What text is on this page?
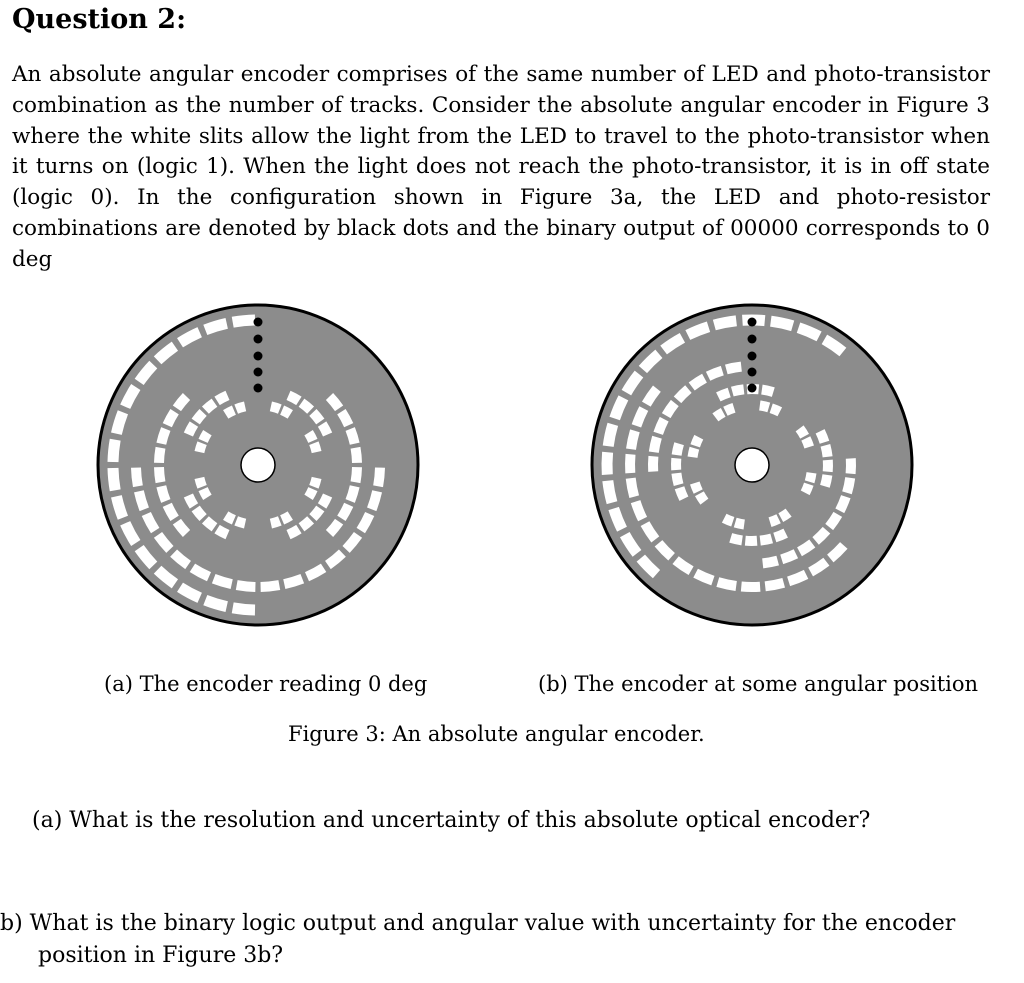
Question 2:

An absolute angular encoder comprises of the same number of LED and photo-transistor combination as the number of tracks. Consider the absolute angular encoder in Figure 3 where the white slits allow the light from the LED to travel to the photo-transistor when it turns on (logic 1). When the light does not reach the photo-transistor, it is in off state (logic 0). In the configuration shown in Figure 3a, the LED and photo-resistor combinations are denoted by black dots and the binary output of 00000 corresponds to 0 deg

(a) The encoder reading 0 deg	(b) The encoder at some angular position
Figure 3: An absolute angular encoder.
(a) What is the resolution and uncertainty of this absolute optical encoder?
b) What is the binary logic output and angular value with uncertainty for the encoder
position in Figure 3b?
